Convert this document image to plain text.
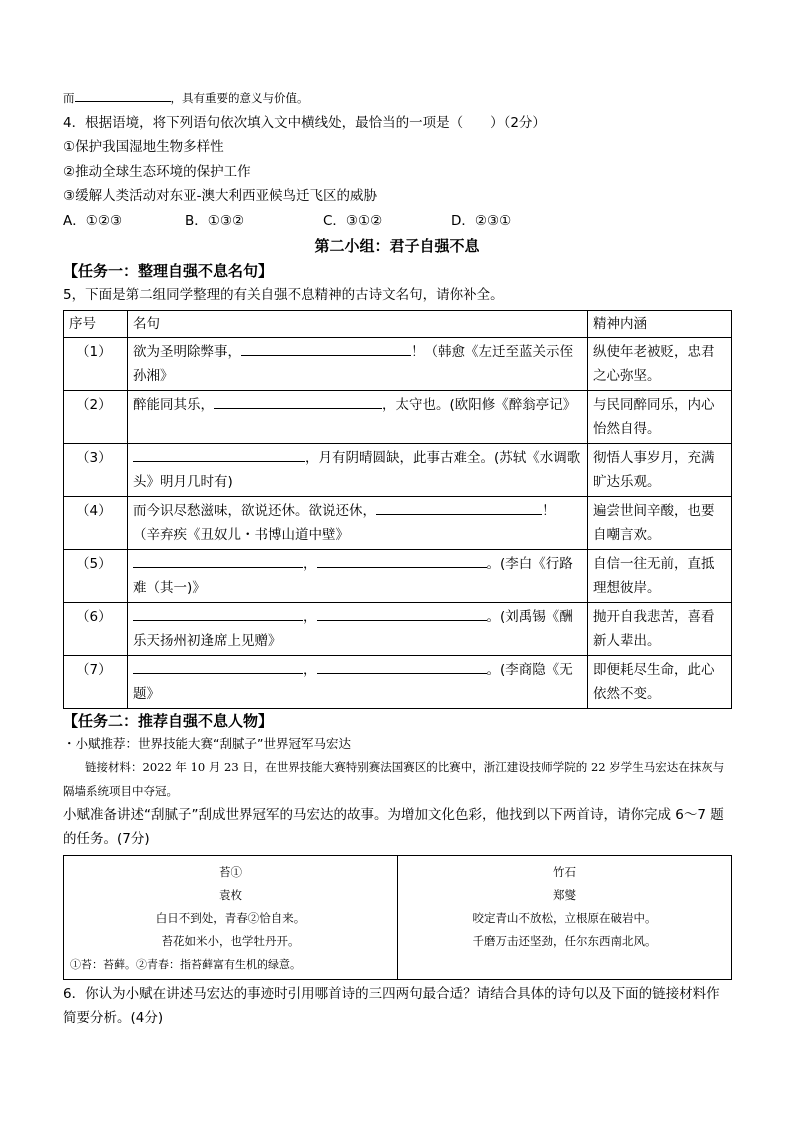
而	，具有重要的意义与价值。
4．根据语境，将下列语句依次填入文中横线处，最恰当的一项是（　　）（2分）
①保护我国湿地生物多样性
②推动全球生态环境的保护工作
③缓解人类活动对东亚-澳大利西亚候鸟迁飞区的威胁
A．①②③	B．①③②	C．③①②	D．②③①
第二小组：君子自强不息
【任务一：整理自强不息名句】
5，下面是第二组同学整理的有关自强不息精神的古诗文名句，请你补全。
序号	名句	精神内涵
（1）	欲为圣明除弊事， ！（韩愈《左迁至蓝关示侄孙湘》	纵使年老被贬，忠君之心弥坚。
（2）	醉能同其乐， ，太守也。(欧阳修《醉翁亭记》	与民同醉同乐，内心怡然自得。
（3）	，月有阴晴圆缺，此事古难全。(苏轼《水调歌头》明月几时有)	彻悟人事岁月，充满旷达乐观。
（4）	而今识尽愁滋味，欲说还休。欲说还休， ！（辛弃疾《丑奴儿・书博山道中壁》	遍尝世间辛酸，也要自嘲言欢。
（5）	， 。(李白《行路难（其一)》	自信一往无前，直抵理想彼岸。
（6）	， 。(刘禹锡《酬乐天扬州初逢席上见赠》	抛开自我悲苦，喜看新人辈出。
（7）	， 。(李商隐《无题》	即便耗尽生命，此心依然不变。
【任务二：推荐自强不息人物】
・小赋推荐：世界技能大赛“刮腻子”世界冠军马宏达

链接材料：2022 年 10 月 23 日，在世界技能大赛特别赛法国赛区的比赛中，浙江建设技师学院的 22 岁学生马宏达在抹灰与隔墙系统项目中夺冠。

小赋准备讲述“刮腻子”刮成世界冠军的马宏达的故事。为增加文化色彩，他找到以下两首诗，请你完成 6～7 题的任务。(7分)
苔①
袁枚
白日不到处，青春②恰自来。
苔花如米小，也学牡丹开。
①苔：苔藓。②青春：指苔藓富有生机的绿意。

竹石
郑燮
咬定青山不放松，立根原在破岩中。
千磨万击还坚劲，任尔东西南北风。
6．你认为小赋在讲述马宏达的事迹时引用哪首诗的三四两句最合适？请结合具体的诗句以及下面的链接材料作简要分析。(4分)
